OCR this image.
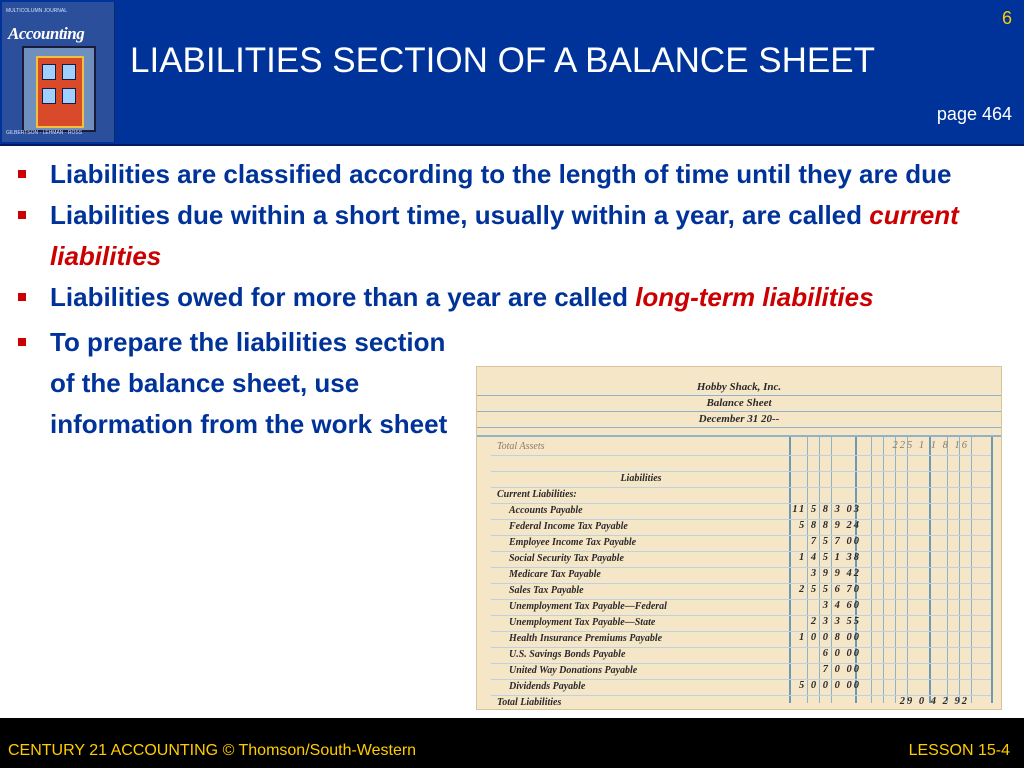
MULTICOLUMN JOURNAL
Accounting
GILBERTSON · LEHMAN · ROSS
LIABILITIES SECTION OF A BALANCE SHEET
6
page 464
Liabilities are classified according to the length of time until they are due
Liabilities due within a short time, usually within a year, are called current liabilities
Liabilities owed for more than a year are called long-term liabilities
To prepare the liabilities section of the balance sheet, use information from the work sheet
Hobby Shack, Inc.
Balance Sheet
December 31 20--
Total Assets	225 1 1 8 16
Liabilities
Current Liabilities:
Accounts Payable	11 5 8 3 03
Federal Income Tax Payable	5 8 8 9 24
Employee Income Tax Payable	7 5 7 00
Social Security Tax Payable	1 4 5 1 38
Medicare Tax Payable	3 9 9 42
Sales Tax Payable	2 5 5 6 70
Unemployment Tax Payable—Federal	3 4 60
Unemployment Tax Payable—State	2 3 3 55
Health Insurance Premiums Payable	1 0 0 8 00
U.S. Savings Bonds Payable	6 0 00
United Way Donations Payable	7 0 00
Dividends Payable	5 0 0 0 00
Total Liabilities	29 0 4 2 92
CENTURY 21 ACCOUNTING © Thomson/South-Western	LESSON 15-4
